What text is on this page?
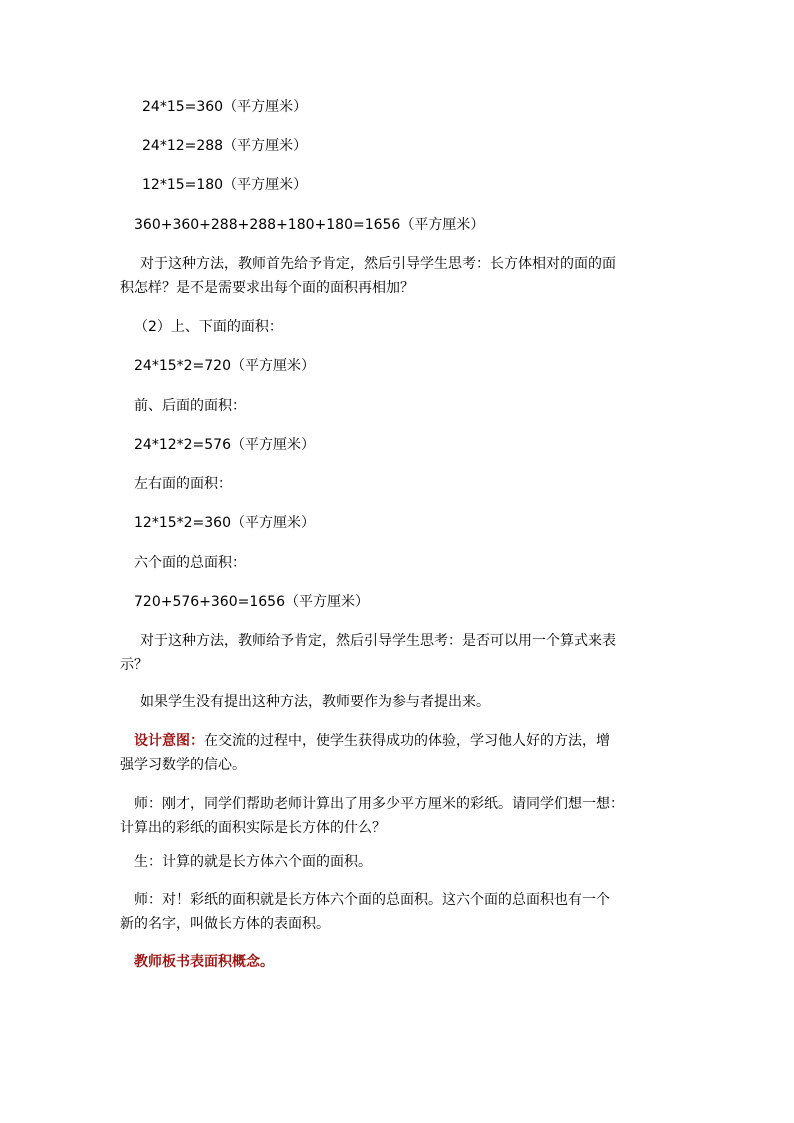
24*15=360（平方厘米）

24*12=288（平方厘米）

12*15=180（平方厘米）

360+360+288+288+180+180=1656（平方厘米）

对于这种方法，教师首先给予肯定，然后引导学生思考：长方体相对的面的面

积怎样？是不是需要求出每个面的面积再相加？

（2）上、下面的面积：

24*15*2=720（平方厘米）

前、后面的面积：

24*12*2=576（平方厘米）

左右面的面积：

12*15*2=360（平方厘米）

六个面的总面积：

720+576+360=1656（平方厘米）

对于这种方法，教师给予肯定，然后引导学生思考：是否可以用一个算式来表

示？

如果学生没有提出这种方法，教师要作为参与者提出来。

设计意图：在交流的过程中，使学生获得成功的体验，学习他人好的方法，增

强学习数学的信心。

师：刚才，同学们帮助老师计算出了用多少平方厘米的彩纸。请同学们想一想：

计算出的彩纸的面积实际是长方体的什么？

生：计算的就是长方体六个面的面积。

师：对！彩纸的面积就是长方体六个面的总面积。这六个面的总面积也有一个

新的名字，叫做长方体的表面积。

教师板书表面积概念。
